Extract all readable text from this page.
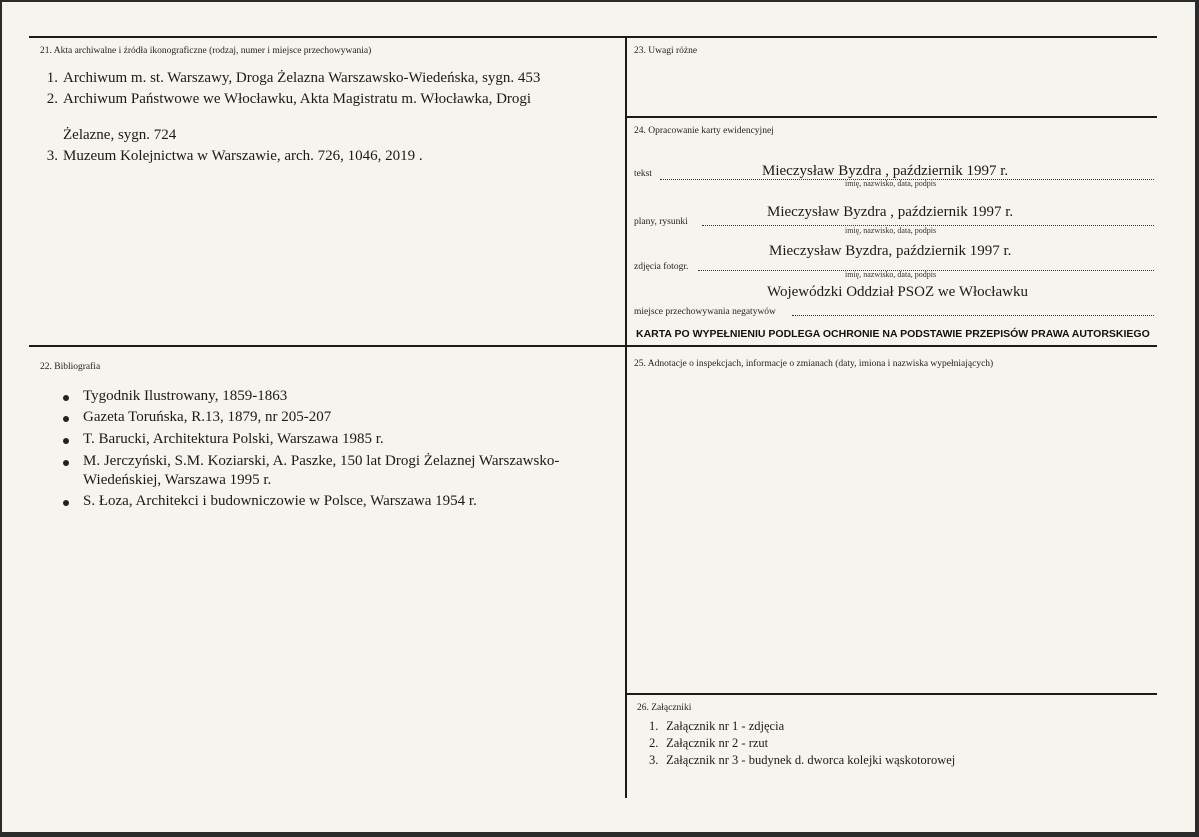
21. Akta archiwalne i źródła ikonograficzne (rodzaj, numer i miejsce przechowywania)
1. Archiwum m. st. Warszawy, Droga Żelazna Warszawsko-Wiedeńska, sygn. 453
2. Archiwum Państwowe we Włocławku, Akta Magistratu m. Włocławka, Drogi
Żelazne, sygn. 724
3. Muzeum Kolejnictwa w Warszawie, arch. 726, 1046, 2019 .
23. Uwagi różne
24. Opracowanie karty ewidencyjnej
tekst	Mieczysław Byzdra , październik 1997 r.
imię, nazwisko, data, podpis
plany, rysunki
Mieczysław Byzdra , październik 1997 r.
imię, nazwisko, data, podpis
zdjęcia fotogr.
Mieczysław Byzdra, październik 1997 r.
imię, nazwisko, data, podpis
miejsce przechowywania negatywów
Wojewódzki Oddział PSOZ we Włocławku
KARTA PO WYPEŁNIENIU PODLEGA OCHRONIE NA PODSTAWIE PRZEPISÓW PRAWA AUTORSKIEGO
22. Bibliografia
Tygodnik Ilustrowany, 1859-1863
Gazeta Toruńska, R.13, 1879, nr 205-207
T. Barucki, Architektura Polski, Warszawa 1985 r.
M. Jerczyński, S.M. Koziarski, A. Paszke, 150 lat Drogi Żelaznej Warszawsko-
Wiedeńskiej, Warszawa 1995 r.
S. Łoza, Architekci i budowniczowie w Polsce, Warszawa 1954 r.
25. Adnotacje o inspekcjach, informacje o zmianach (daty, imiona i nazwiska wypełniających)
26. Załączniki
1. Załącznik nr 1 - zdjęcia
2. Załącznik nr 2 - rzut
3. Załącznik nr 3 - budynek d. dworca kolejki wąskotorowej
